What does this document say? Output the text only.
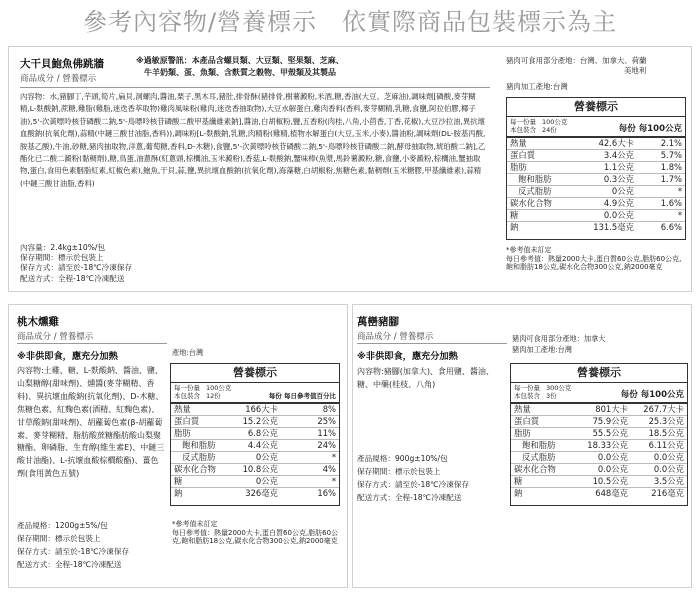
參考內容物/營養標示　依實際商品包裝標示為主
大干貝鮑魚佛跳牆
商品成分 / 營養標示
※過敏原警訊：本產品含螺貝類、大豆類、堅果類、芝麻、
牛羊奶類、蛋、魚類、含麩質之穀物、甲殼類及其製品
豬肉可食用部分產地：台灣、加拿大、荷蘭
美地利
豬肉加工產地:台灣
內容物：水,豬腳丁,芋頭,筍片,扁貝,洞螺肉,醬油,栗子,黑木耳,豬肚,排骨酥(豬排骨,樹薯澱粉,米酒,糖,香油(大豆、芝麻油),調味劑[磷酸,麥芽糊精,L-麩酸鈉,蔗糖,雞脂(雞脂,迷迭香萃取物)雞肉風味粉(雞肉,迷迭香抽取物),大豆水解蛋白,雞肉香料(香料,麥芽糊精,乳糖,食鹽,阿拉伯膠,椰子油),5'-次黃嘌呤核苷磷酸二鈉,5'-鳥嘌呤核苷磷酸二酸甲基纖維素鈉],醬油,白胡椒粉,鹽,五香粉(肉桂,八角,小茴香,丁香,花椒),大豆沙拉油,異抗壞血酸鈉(抗氧化劑),蒜精(中鏈三酸甘油脂,香料)),調味粉[L-麩酸鈉,乳糖,肉精粉(雞精,植物水解蛋白(大豆,玉米,小麥),醬油粉,調味劑(DL-胺基丙酸,胺基乙酸),牛油,砂糖,豬肉抽取物,洋蔥,葡萄糖,香料,D-木糖),食鹽,5'-次黃嘌呤核苷磷酸二鈉,5'-鳥嘌呤核苷磷酸二鈉,酵母抽取物,琥珀酸二鈉],乙酯化已二酸二澱粉(黏稠劑),糖,鳥蛋,油蔥酥(紅蔥頭,棕櫚油,玉米澱粉),香菇,L-麩酸鈉,蟹味棒(魚漿,馬鈴薯澱粉,糖,食鹽,小麥澱粉,棕櫚油,蟹抽取物,蛋白,食用色素胭脂紅素,紅椒色素),鮑魚,干貝,蒜,鹽,異抗壞血酸鈉(抗氧化劑),海藻糖,白胡椒粉,焦糖色素,黏稠劑(玉米糖膠,甲基纖維素),蒜精(中鏈三酸甘油脂,香料)
內容量：2.4kg±10%/包
保存期間：標示於包裝上
保存方式：請至於-18℃冷凍保存
配送方式：全程-18℃冷凍配送
營養標示
每一份量
本包裝含
100公克
24份	每份 每100公克
熱量	42.6大卡	2.1%
蛋白質	3.4公克	5.7%
脂肪	1.1公克	1.8%
飽和脂肪	0.3公克	1.7%
反式脂肪	0公克	*
碳水化合物	4.9公克	1.6%
糖	0.0公克	*
鈉	131.5毫克	6.6%
*參考值未訂定
每日參考值：熱量2000大卡,蛋白質60公克,脂肪60公克,飽和脂肪18公克,碳水化合物300公克,鈉2000毫克
桃木燻雞
商品成分 / 營養標示
※非供即食，應充分加熱	產地:台灣
內容物:土雞、糖、L-麩酸鈉、醬油、鹽、山梨糖醇(甜味劑)、燻醬(麥芽糊精、香料)、異抗壞血酸鈉(抗氧化劑)、D-木糖、焦糖色素、紅麴色素(酒精、紅麴色素)、甘草酸鈉(甜味劑)、胡蘿蔔色素(β-胡蘿蔔素、麥芽糊精、脂肪酸蔗糖酯肪酸山梨聚糖酯、卵磷脂、生育醇(維生素E)、中鏈三酸甘油酯)、L-抗壞血酸棕櫚酸酯)、薑色劑(食用黃色五號)
產品規格：1200g±5%/包
保存期間：標示於包裝上
保存方式：請至於-18℃冷凍保存
配送方式：全程-18℃冷凍配送
營養標示
每一份量
本包裝含
100公克
12份	每份 每日參考值百分比
熱量	166大卡	8%
蛋白質	15.2公克	25%
脂肪	6.8公克	11%
飽和脂肪	4.4公克	24%
反式脂肪	0公克	*
碳水化合物	10.8公克	4%
糖	0公克	*
鈉	326毫克	16%
*參考值未訂定
每日參考值：熱量2000大卡,蛋白質60公克,脂肪60公克,飽和脂肪18公克,碳水化合物300公克,鈉2000毫克
萬巒豬腳
商品成分 / 營養標示
※非供即食，應充分加熱
豬肉可食用部分產地：加拿大
豬肉加工產地:台灣
內容物:豬腳(加拿大)、食用鹽、醬油、糖、中藥(桂枝、八角)
產品規格：900g±10%/包
保存期間：標示於包裝上
保存方式：請至於-18℃冷凍保存
配送方式：全程-18℃冷凍配送
營養標示
每一份量
本包裝含
300公克
3份	每份 每100公克
熱量	801大卡	267.7大卡
蛋白質	75.9公克	25.3公克
脂肪	55.5公克	18.5公克
飽和脂肪	18.33公克	6.11公克
反式脂肪	0.0公克	0.0公克
碳水化合物	0.0公克	0.0公克
糖	10.5公克	3.5公克
鈉	648毫克	216毫克
